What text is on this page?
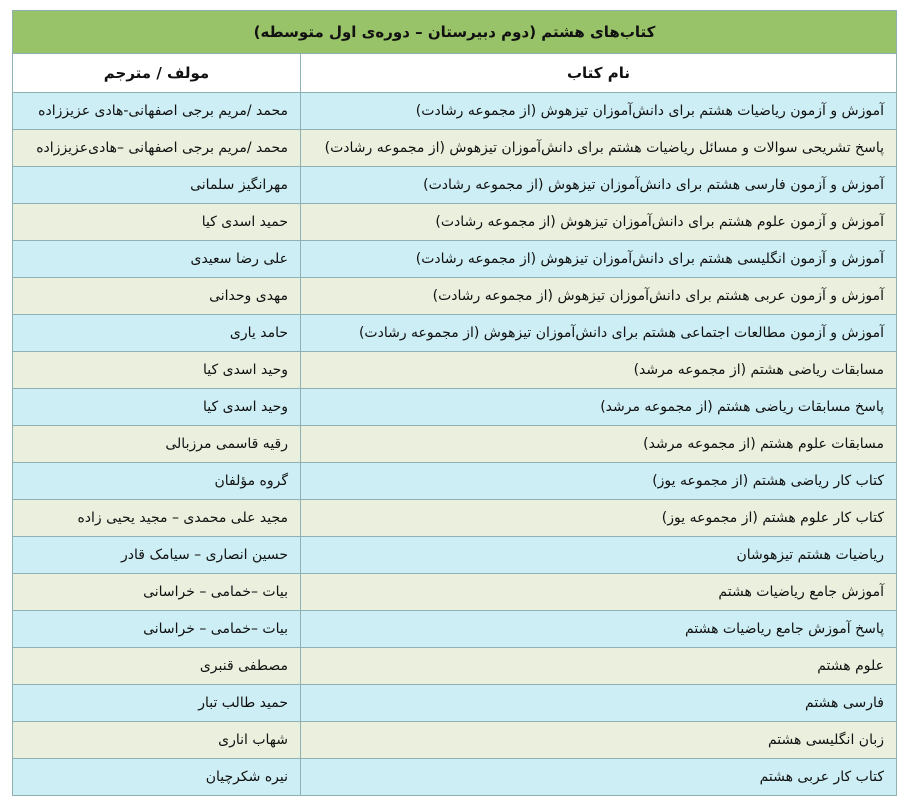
کتاب‌های هشتم (دوم دبیرستان – دوره‌ی اول متوسطه)	
نام کتاب	مولف / مترجم
آموزش و آزمون ریاضیات هشتم برای دانش‌آموزان تیزهوش (از مجموعه رشادت)	محمد /مریم برجی اصفهانی-هادی عزیززاده
پاسخ تشریحی سوالات و مسائل ریاضیات هشتم برای دانش‌آموزان تیزهوش (از مجموعه رشادت)	محمد /مریم برجی اصفهانی –هادی‌عزیززاده
آموزش و آزمون فارسی هشتم برای دانش‌آموزان تیزهوش (از مجموعه رشادت)	مهرانگیز سلمانی
آموزش و آزمون علوم هشتم برای دانش‌آموزان تیزهوش (از مجموعه رشادت)	حمید اسدی کیا
آموزش و آزمون انگلیسی هشتم برای دانش‌آموزان تیزهوش (از مجموعه رشادت)	علی رضا سعیدی
آموزش و آزمون عربی هشتم برای دانش‌آموزان تیزهوش (از مجموعه رشادت)	مهدی وحدانی
آموزش و آزمون مطالعات اجتماعی هشتم برای دانش‌آموزان تیزهوش (از مجموعه رشادت)	حامد یاری
مسابقات ریاضی هشتم (از مجموعه مرشد)	وحید اسدی کیا
پاسخ مسابقات ریاضی هشتم (از مجموعه مرشد)	وحید اسدی کیا
مسابقات علوم هشتم (از مجموعه مرشد)	رقیه قاسمی مرزبالی
کتاب کار ریاضی هشتم (از مجموعه یوز)	گروه مؤلفان
کتاب کار علوم هشتم (از مجموعه یوز)	مجید علی محمدی – مجید یحیی زاده
ریاضیات هشتم تیزهوشان	حسین انصاری – سیامک قادر
آموزش جامع ریاضیات هشتم	بیات –خمامی – خراسانی
پاسخ آموزش جامع ریاضیات هشتم	بیات –خمامی – خراسانی
علوم هشتم	مصطفی قنبری
فارسی هشتم	حمید طالب تبار
زبان انگلیسی هشتم	شهاب اناری
کتاب کار عربی هشتم	نیره شکرچیان
